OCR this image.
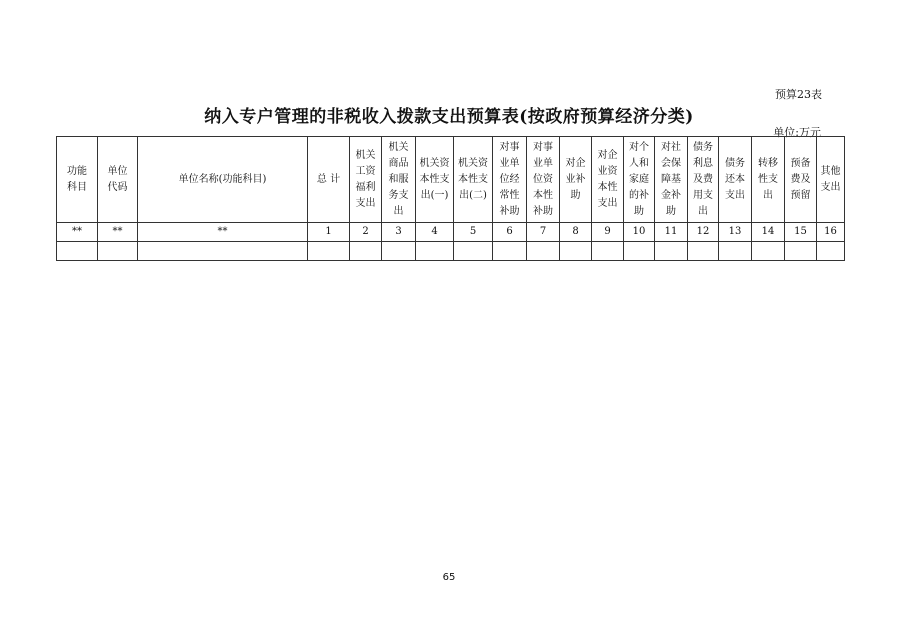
预算23表
纳入专户管理的非税收入拨款支出预算表(按政府预算经济分类)
单位:万元
功能科目	单位代码	单位名称(功能科目)	总 计	机关工资福利支出	机关商品和服务支出	机关资本性支出(一)	机关资本性支出(二)	对事业单位经常性补助	对事业单位资本性补助	对企业补助	对企业资本性支出	对个人和家庭的补助	对社会保障基金补助	债务利息及费用支出	债务还本支出	转移性支出	预备费及预留	其他支出

**	**	**	1	2	3	4	5	6	7	8	9	10	11	12	13	14	15	16

65
